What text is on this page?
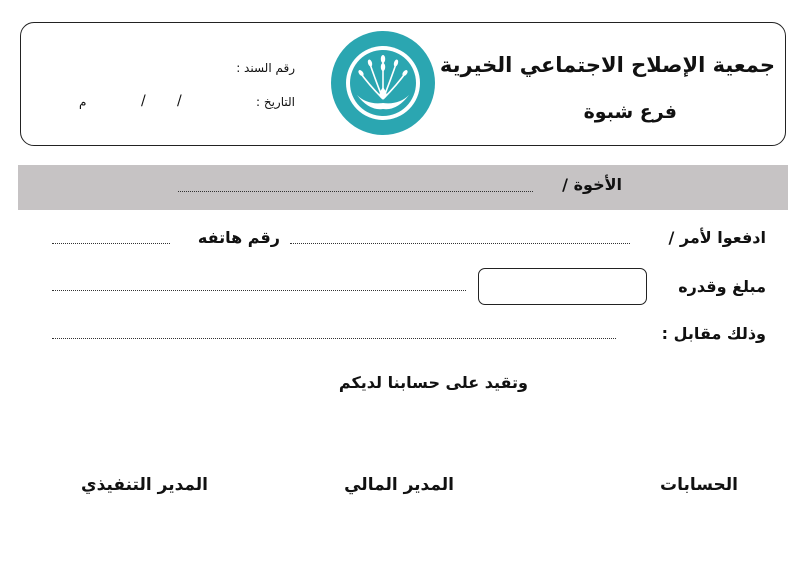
جمعية الإصلاح الاجتماعي الخيرية
فرع شبوة
رقم السند :
التاريخ :
/
/
م
الأخوة /
ادفعوا لأمر /
رقم هاتفه
مبلغ وقدره
وذلك مقابل :
وتقيد على حسابنا لديكم
الحسابات
المدير المالي
المدير التنفيذي
